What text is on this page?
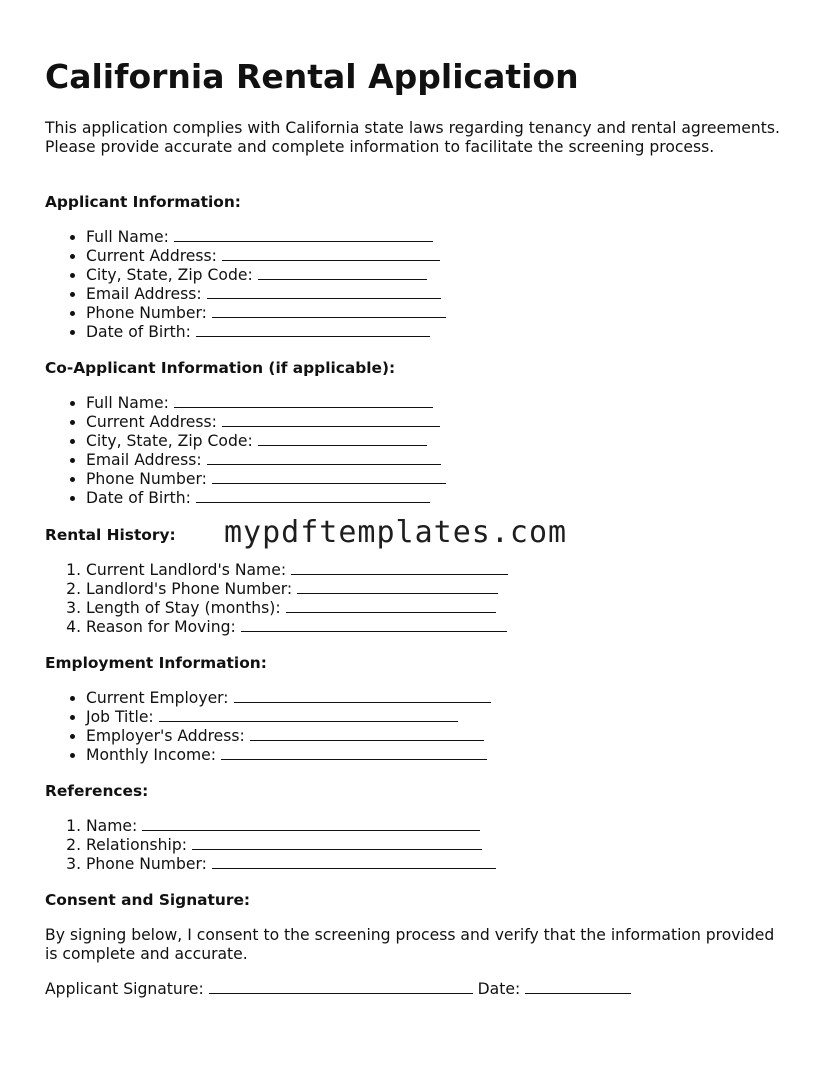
California Rental Application

This application complies with California state laws regarding tenancy and rental agreements. Please provide accurate and complete information to facilitate the screening process.

Applicant Information:

• Full Name:
• Current Address:
• City, State, Zip Code:
• Email Address:
• Phone Number:
• Date of Birth:

Co-Applicant Information (if applicable):

• Full Name:
• Current Address:
• City, State, Zip Code:
• Email Address:
• Phone Number:
• Date of Birth:

Rental History:

1. Current Landlord's Name:
2. Landlord's Phone Number:
3. Length of Stay (months):
4. Reason for Moving:

Employment Information:

• Current Employer:
• Job Title:
• Employer's Address:
• Monthly Income:

References:

1. Name:
2. Relationship:
3. Phone Number:

Consent and Signature:

By signing below, I consent to the screening process and verify that the information provided is complete and accurate.

Applicant Signature:	Date:
mypdftemplates.com
